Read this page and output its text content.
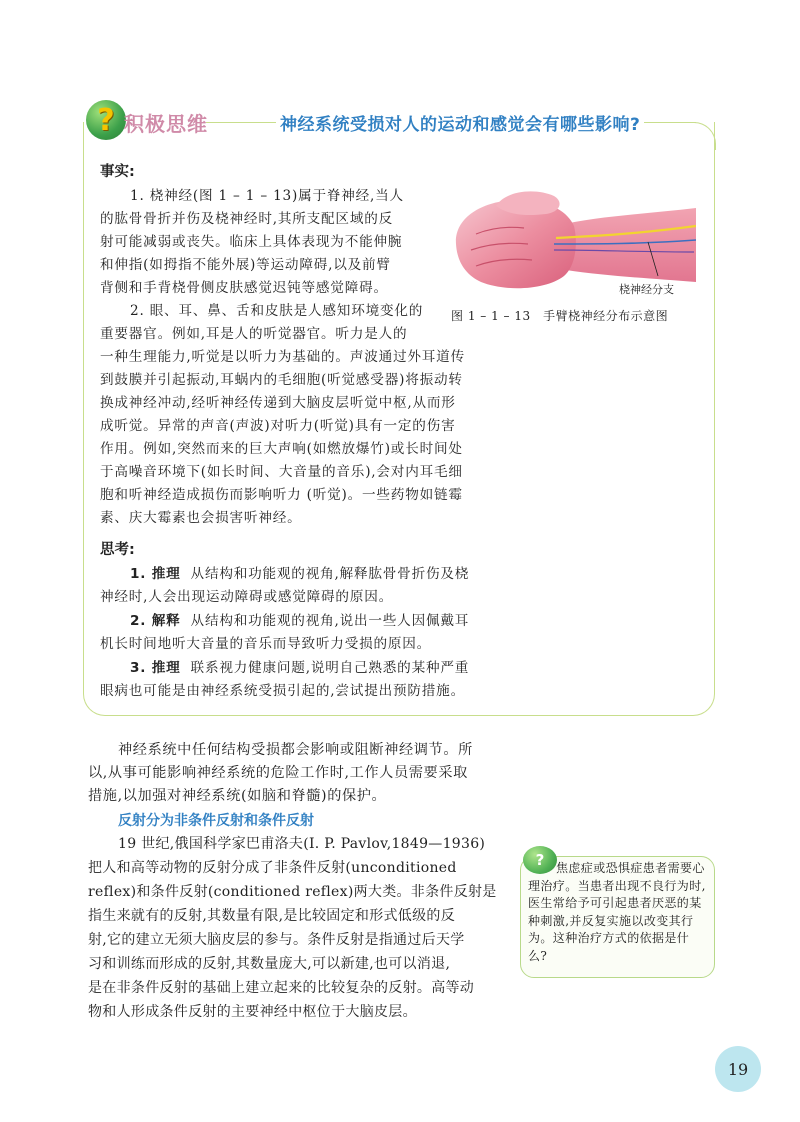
? 积极思维	神经系统受损对人的运动和感觉会有哪些影响?
事实:
1. 桡神经(图 1 – 1 – 13)属于脊神经,当人
的肱骨骨折并伤及桡神经时,其所支配区域的反
射可能减弱或丧失。临床上具体表现为不能伸腕
和伸指(如拇指不能外展)等运动障碍,以及前臂
背侧和手背桡骨侧皮肤感觉迟钝等感觉障碍。
2. 眼、耳、鼻、舌和皮肤是人感知环境变化的
重要器官。例如,耳是人的听觉器官。听力是人的
一种生理能力,听觉是以听力为基础的。声波通过外耳道传
到鼓膜并引起振动,耳蜗内的毛细胞(听觉感受器)将振动转
换成神经冲动,经听神经传递到大脑皮层听觉中枢,从而形
成听觉。异常的声音(声波)对听力(听觉)具有一定的伤害
作用。例如,突然而来的巨大声响(如燃放爆竹)或长时间处
于高噪音环境下(如长时间、大音量的音乐),会对内耳毛细
胞和听神经造成损伤而影响听力 (听觉)。一些药物如链霉
素、庆大霉素也会损害听神经。
思考:
1. 推理 从结构和功能观的视角,解释肱骨骨折伤及桡
神经时,人会出现运动障碍或感觉障碍的原因。
2. 解释 从结构和功能观的视角,说出一些人因佩戴耳
机长时间地听大音量的音乐而导致听力受损的原因。
3. 推理 联系视力健康问题,说明自己熟悉的某种严重
眼病也可能是由神经系统受损引起的,尝试提出预防措施。
桡神经分支
图 1 – 1 – 13　手臂桡神经分布示意图
神经系统中任何结构受损都会影响或阻断神经调节。所
以,从事可能影响神经系统的危险工作时,工作人员需要采取
措施,以加强对神经系统(如脑和脊髓)的保护。
反射分为非条件反射和条件反射
19 世纪,俄国科学家巴甫洛夫(I. P. Pavlov,1849—1936)
把人和高等动物的反射分成了非条件反射(unconditioned
reflex)和条件反射(conditioned reflex)两大类。非条件反射是
指生来就有的反射,其数量有限,是比较固定和形式低级的反
射,它的建立无须大脑皮层的参与。条件反射是指通过后天学
习和训练而形成的反射,其数量庞大,可以新建,也可以消退,
是在非条件反射的基础上建立起来的比较复杂的反射。高等动
物和人形成条件反射的主要神经中枢位于大脑皮层。
? 焦虑症或恐惧症患者需要心理治疗。当患者出现不良行为时,医生常给予可引起患者厌恶的某种刺激,并反复实施以改变其行为。这种治疗方式的依据是什么?
19
